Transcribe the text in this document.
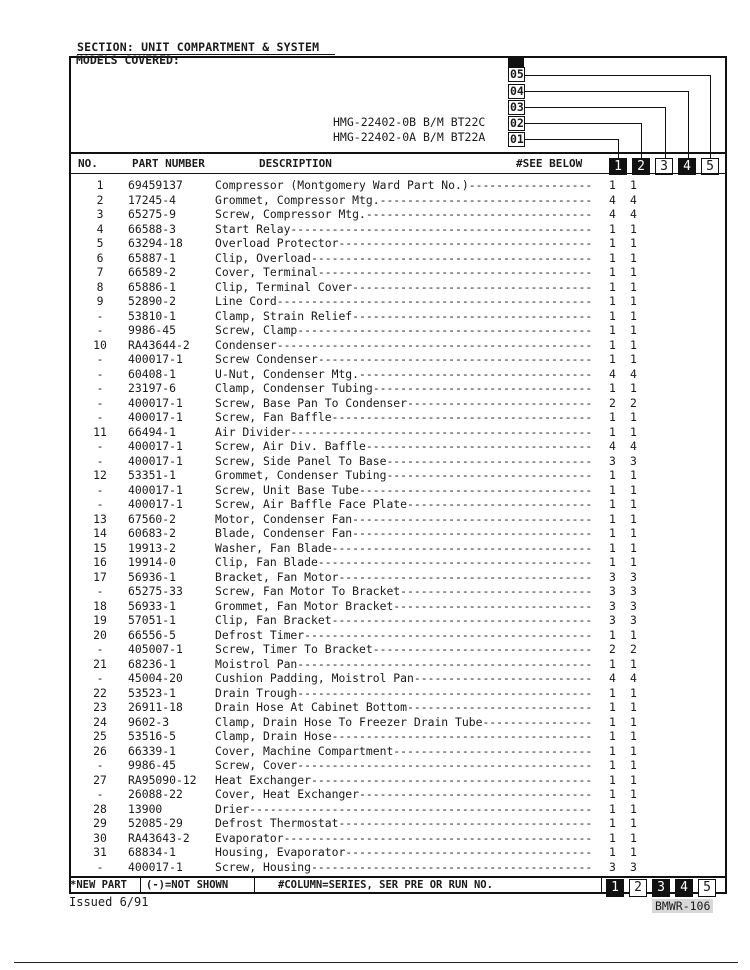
SECTION: UNIT COMPARTMENT & SYSTEM
MODELS COVERED:
HMG-22402-0B B/M BT22C
HMG-22402-0A B/M BT22A
05
04
03
02
01
NO.	PART NUMBER	DESCRIPTION	#SEE BELOW	1	2	3	4	5
1	69459137	Compressor (Montgomery Ward Part No.)------------------ 1 1
2	17245-4	Grommet, Compressor Mtg.------------------------------- 4 4
3	65275-9	Screw, Compressor Mtg.--------------------------------- 4 4
4	66588-3	Start Relay-------------------------------------------- 1 1
5	63294-18	Overload Protector------------------------------------- 1 1
6	65887-1	Clip, Overload----------------------------------------- 1 1
7	66589-2	Cover, Terminal---------------------------------------- 1 1
8	65886-1	Clip, Terminal Cover----------------------------------- 1 1
9	52890-2	Line Cord---------------------------------------------- 1 1
-	53810-1	Clamp, Strain Relief----------------------------------- 1 1
-	9986-45	Screw, Clamp------------------------------------------- 1 1
10	RA43644-2 Condenser---------------------------------------------- 1 1
-	400017-1	Screw Condenser---------------------------------------- 1 1
-	60408-1	U-Nut, Condenser Mtg.---------------------------------- 4 4
-	23197-6	Clamp, Condenser Tubing-------------------------------- 1 1
-	400017-1	Screw, Base Pan To Condenser--------------------------- 2 2
-	400017-1	Screw, Fan Baffle-------------------------------------- 1 1
11	66494-1	Air Divider-------------------------------------------- 1 1
-	400017-1	Screw, Air Div. Baffle--------------------------------- 4 4
-	400017-1	Screw, Side Panel To Base------------------------------ 3 3
12	53351-1	Grommet, Condenser Tubing------------------------------ 1 1
-	400017-1	Screw, Unit Base Tube---------------------------------- 1 1
-	400017-1	Screw, Air Baffle Face Plate--------------------------- 1 1
13	67560-2	Motor, Condenser Fan----------------------------------- 1 1
14	60683-2	Blade, Condenser Fan----------------------------------- 1 1
15	19913-2	Washer, Fan Blade-------------------------------------- 1 1
16	19914-0	Clip, Fan Blade---------------------------------------- 1 1
17	56936-1	Bracket, Fan Motor------------------------------------- 3 3
-	65275-33	Screw, Fan Motor To Bracket---------------------------- 3 3
18	56933-1	Grommet, Fan Motor Bracket----------------------------- 3 3
19	57051-1	Clip, Fan Bracket-------------------------------------- 3 3
20	66556-5	Defrost Timer------------------------------------------ 1 1
-	405007-1	Screw, Timer To Bracket-------------------------------- 2 2
21	68236-1	Moistrol Pan------------------------------------------- 1 1
-	45004-20	Cushion Padding, Moistrol Pan-------------------------- 4 4
22	53523-1	Drain Trough------------------------------------------- 1 1
23	26911-18	Drain Hose At Cabinet Bottom--------------------------- 1 1
24	9602-3	Clamp, Drain Hose To Freezer Drain Tube---------------- 1 1
25	53516-5	Clamp, Drain Hose-------------------------------------- 1 1
26	66339-1	Cover, Machine Compartment----------------------------- 1 1
-	9986-45	Screw, Cover------------------------------------------- 1 1
27	RA95090-12 Heat Exchanger----------------------------------------- 1 1
-	26088-22	Cover, Heat Exchanger---------------------------------- 1 1
28	13900	Drier-------------------------------------------------- 1 1
29	52085-29	Defrost Thermostat------------------------------------- 1 1
30	RA43643-2 Evaporator--------------------------------------------- 1 1
31	68834-1	Housing, Evaporator------------------------------------ 1 1
-	400017-1	Screw, Housing----------------------------------------- 3 3
*NEW PART (-)=NOT SHOWN	#COLUMN=SERIES, SER PRE OR RUN NO.	1	2	3	4	5
Issued 6/91	BMWR-106
